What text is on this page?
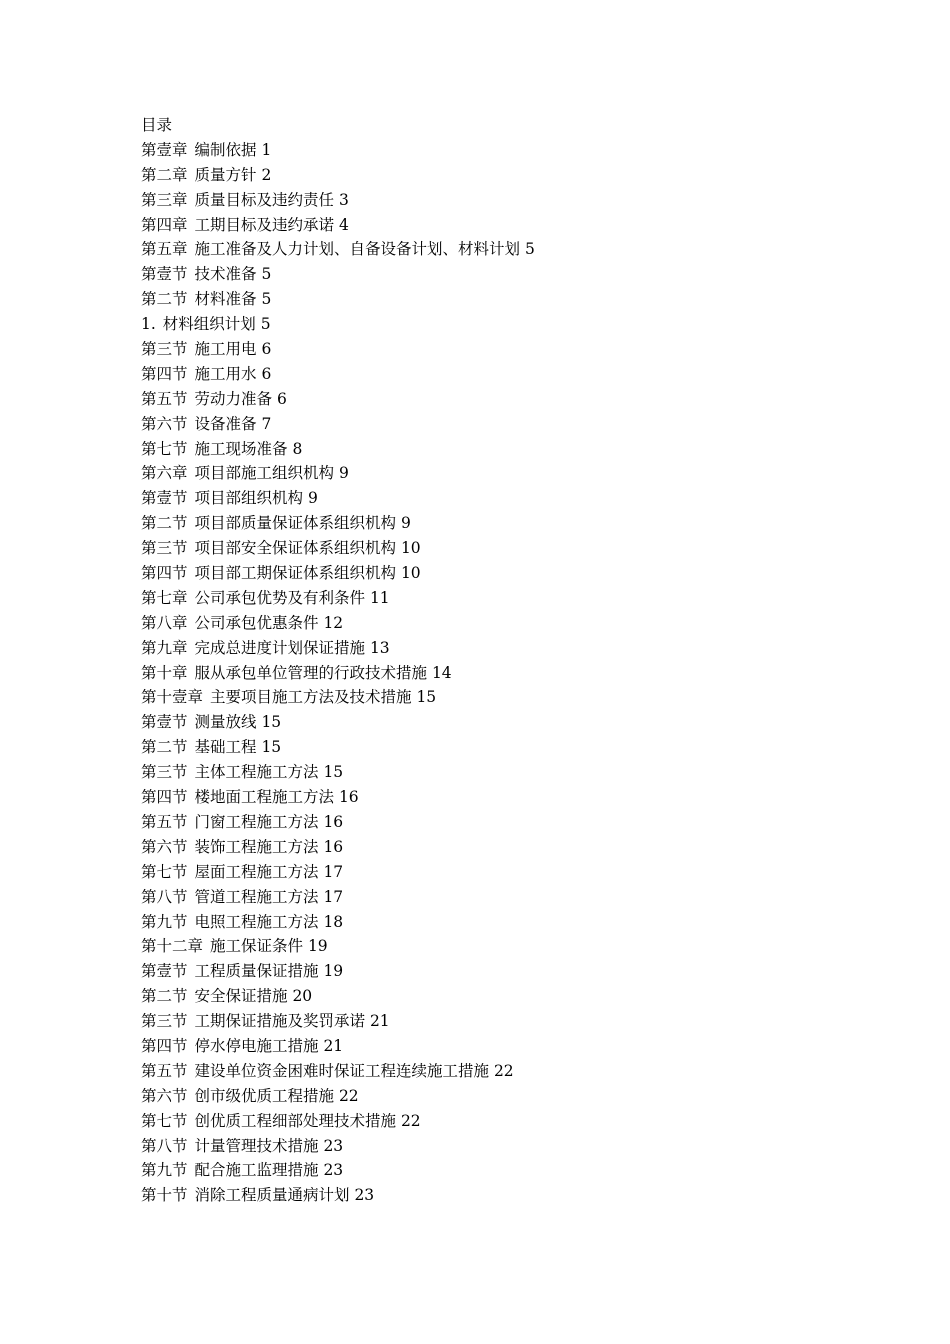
目录
第壹章 编制依据 1
第二章 质量方针 2
第三章 质量目标及违约责任 3
第四章 工期目标及违约承诺 4
第五章 施工准备及人力计划、自备设备计划、材料计划 5
第壹节 技术准备 5
第二节 材料准备 5
1. 材料组织计划 5
第三节 施工用电 6
第四节 施工用水 6
第五节 劳动力准备 6
第六节 设备准备 7
第七节 施工现场准备 8
第六章 项目部施工组织机构 9
第壹节 项目部组织机构 9
第二节 项目部质量保证体系组织机构 9
第三节 项目部安全保证体系组织机构 10
第四节 项目部工期保证体系组织机构 10
第七章 公司承包优势及有利条件 11
第八章 公司承包优惠条件 12
第九章 完成总进度计划保证措施 13
第十章 服从承包单位管理的行政技术措施 14
第十壹章 主要项目施工方法及技术措施 15
第壹节 测量放线 15
第二节 基础工程 15
第三节 主体工程施工方法 15
第四节 楼地面工程施工方法 16
第五节 门窗工程施工方法 16
第六节 装饰工程施工方法 16
第七节 屋面工程施工方法 17
第八节 管道工程施工方法 17
第九节 电照工程施工方法 18
第十二章 施工保证条件 19
第壹节 工程质量保证措施 19
第二节 安全保证措施 20
第三节 工期保证措施及奖罚承诺 21
第四节 停水停电施工措施 21
第五节 建设单位资金困难时保证工程连续施工措施 22
第六节 创市级优质工程措施 22
第七节 创优质工程细部处理技术措施 22
第八节 计量管理技术措施 23
第九节 配合施工监理措施 23
第十节 消除工程质量通病计划 23
